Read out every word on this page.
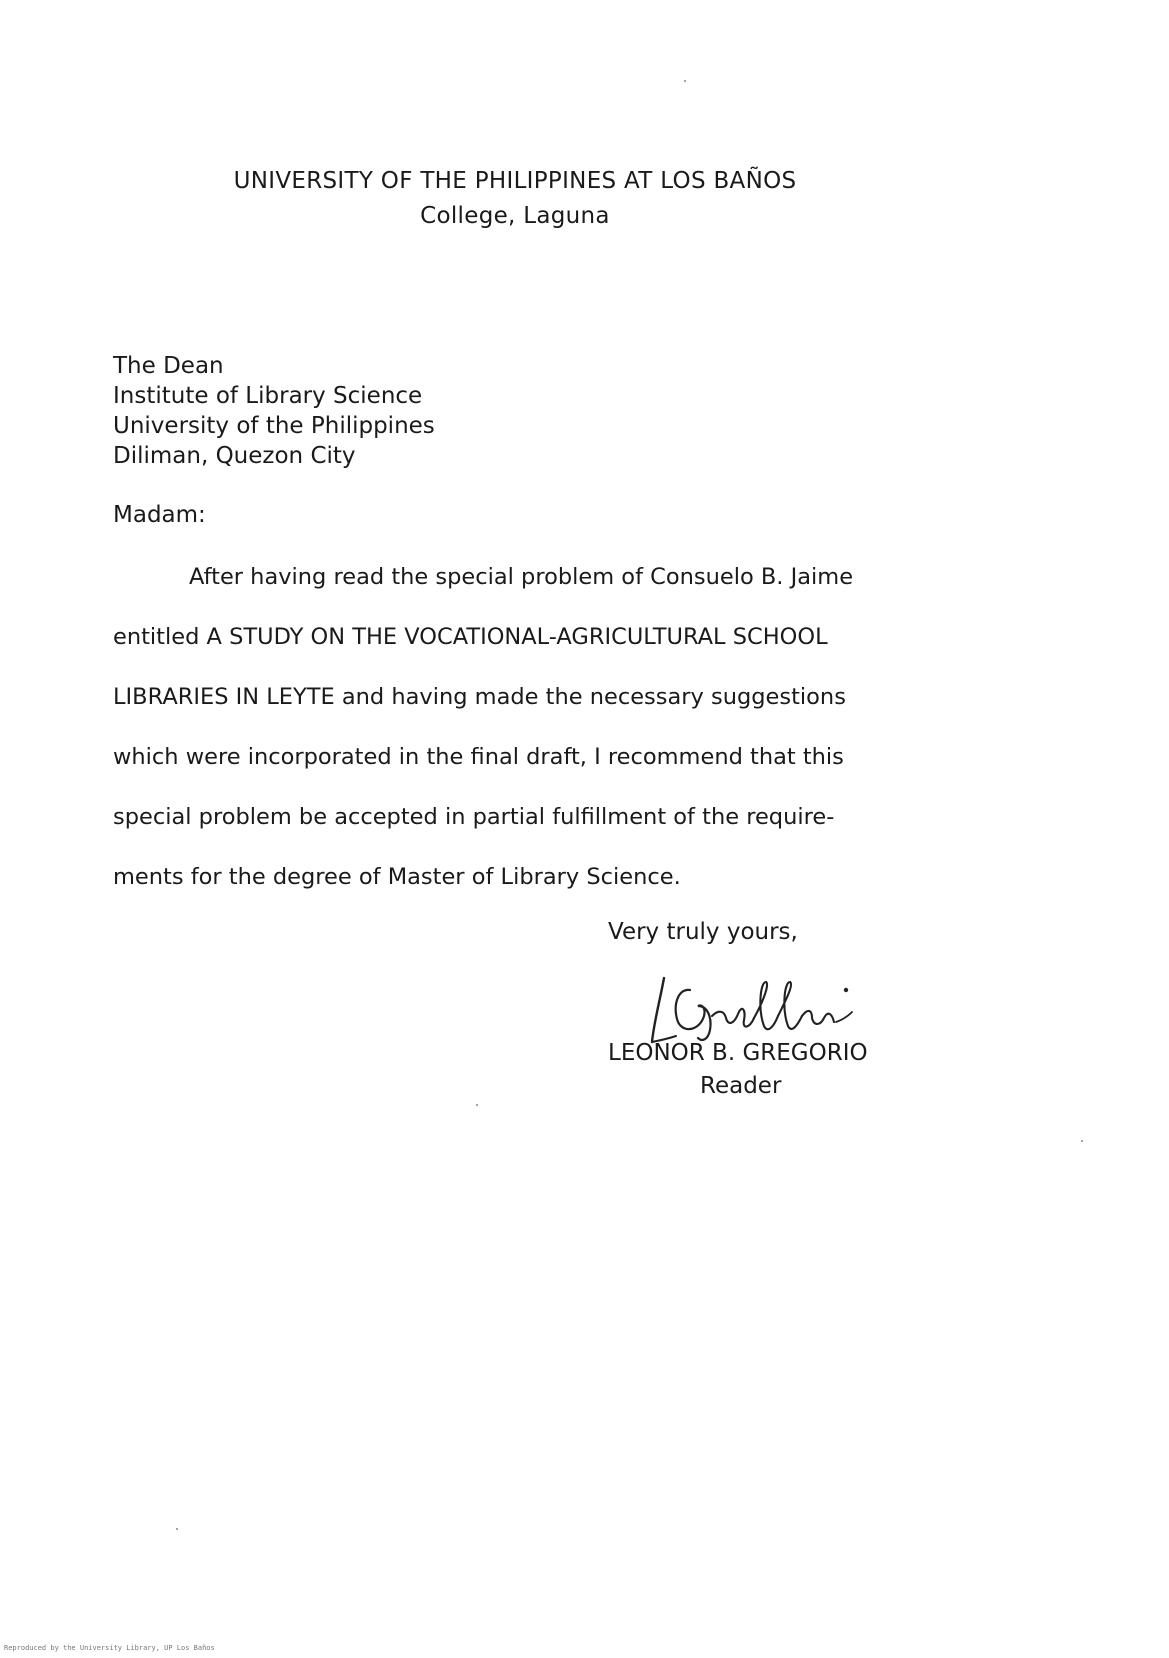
UNIVERSITY OF THE PHILIPPINES AT LOS BAÑOS
College, Laguna
The Dean
Institute of Library Science
University of the Philippines
Diliman, Quezon City
Madam:
After having read the special problem of Consuelo B. Jaime
entitled A STUDY ON THE VOCATIONAL-AGRICULTURAL SCHOOL
LIBRARIES IN LEYTE and having made the necessary suggestions
which were incorporated in the final draft, I recommend that this
special problem be accepted in partial fulfillment of the require-
ments for the degree of Master of Library Science.
Very truly yours,
LEONOR B. GREGORIO
Reader
Reproduced by the University Library, UP Los Baños
